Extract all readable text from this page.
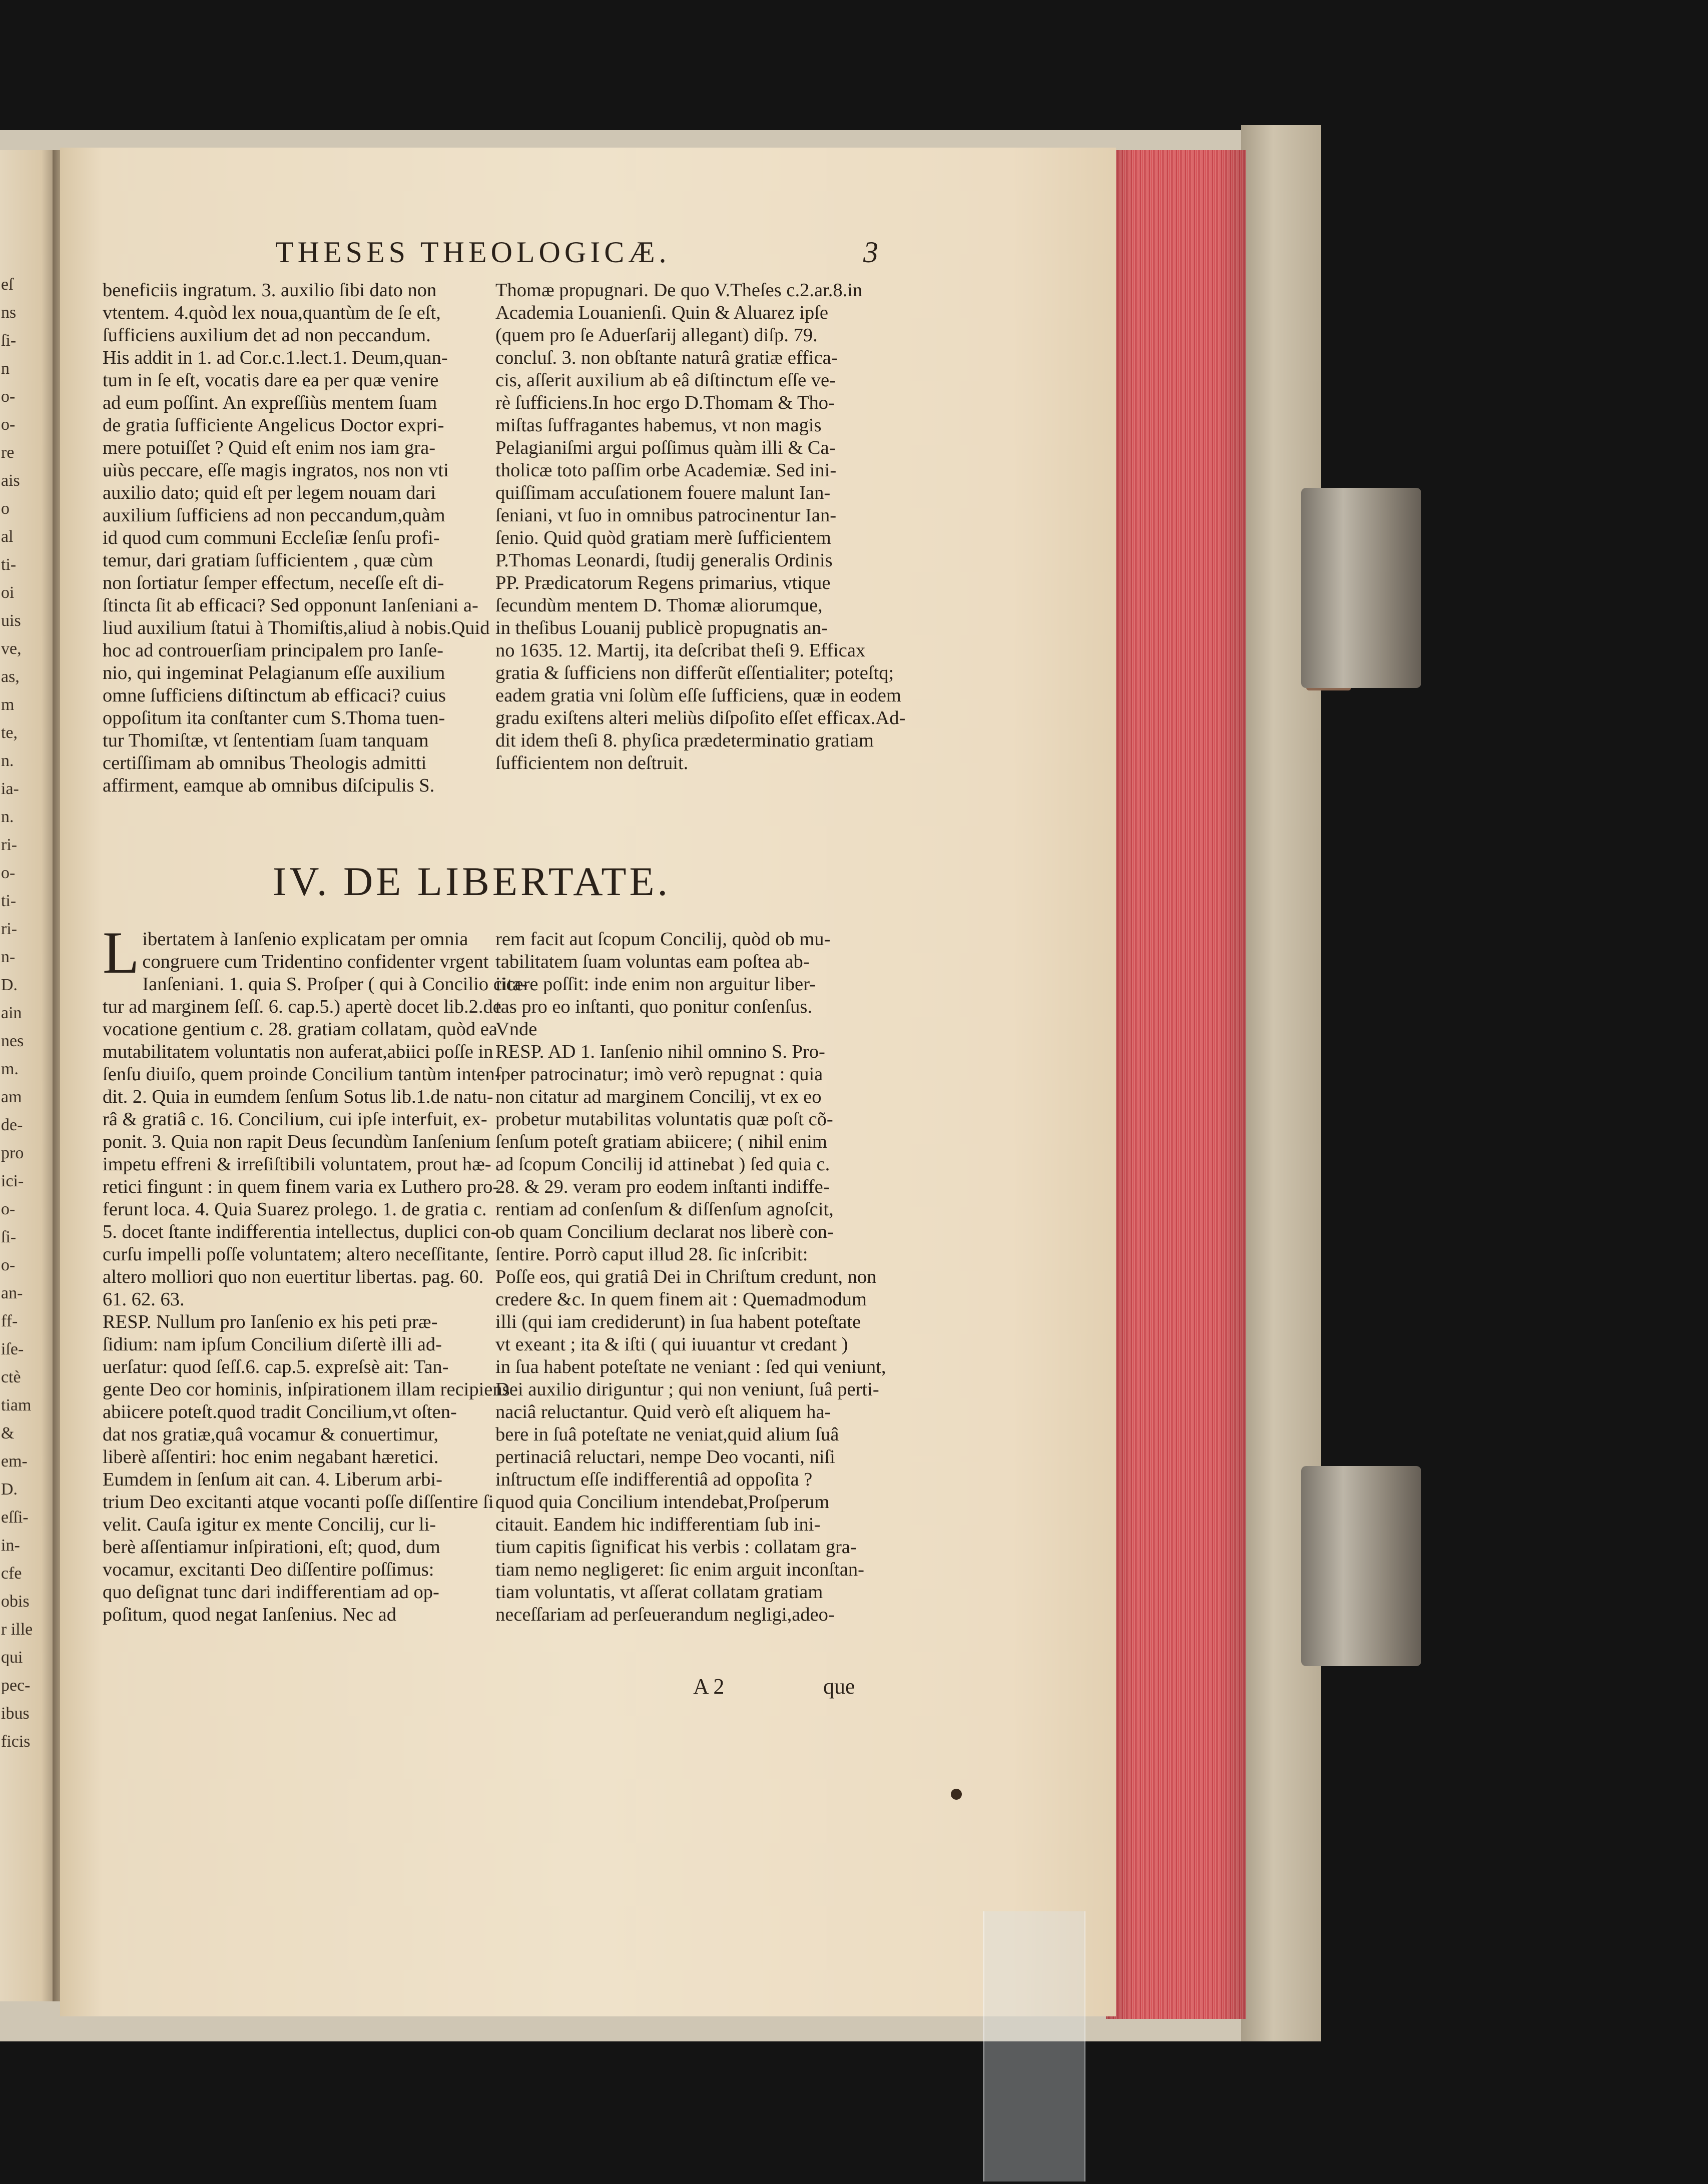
eſ
ns
ſi-
n
o-
o-
re
ais
o
al
ti-
oi
uis
ve,
as,
m
te,
n.
ia-
n.
ri-
o-
ti-
ri-
n-
D.
ain
nes
m.
am
de-
pro
ici-
o-
ſi-
o-
an-
ff-
iſe-
ctè
tiam
&
em-
D.
eſſi-
in-
cfe
obis
r ille
qui
pec-
ibus
ficis
THESES THEOLOGICÆ.	3

beneficiis ingratum. 3. auxilio ſibi dato non

vtentem. 4.quòd lex noua,quantùm de ſe eſt,

ſufficiens auxilium det ad non peccandum.

His addit in 1. ad Cor.c.1.lect.1. Deum,quan-

tum in ſe eſt, vocatis dare ea per quæ venire

ad eum poſſint. An expreſſiùs mentem ſuam

de gratia ſufficiente Angelicus Doctor expri-

mere potuiſſet ? Quid eſt enim nos iam gra-

uiùs peccare, eſſe magis ingratos, nos non vti

auxilio dato; quid eſt per legem nouam dari

auxilium ſufficiens ad non peccandum,quàm

id quod cum communi Eccleſiæ ſenſu profi-

temur, dari gratiam ſufficientem , quæ cùm

non ſortiatur ſemper effectum, neceſſe eſt di-

ſtincta ſit ab efficaci? Sed opponunt Ianſeniani a-

liud auxilium ſtatui à Thomiſtis,aliud à nobis.Quid

hoc ad controuerſiam principalem pro Ianſe-

nio, qui ingeminat Pelagianum eſſe auxilium

omne ſufficiens diſtinctum ab efficaci? cuius

oppoſitum ita conſtanter cum S.Thoma tuen-

tur Thomiſtæ, vt ſententiam ſuam tanquam

certiſſimam ab omnibus Theologis admitti

affirment, eamque ab omnibus diſcipulis S.

Thomæ propugnari. De quo V.Theſes c.2.ar.8.in

Academia Louanienſi. Quin & Aluarez ipſe

(quem pro ſe Aduerſarij allegant) diſp. 79.

concluſ. 3. non obſtante naturâ gratiæ effica-

cis, aſſerit auxilium ab eâ diſtinctum eſſe ve-

rè ſufficiens.In hoc ergo D.Thomam & Tho-

miſtas ſuffragantes habemus, vt non magis

Pelagianiſmi argui poſſimus quàm illi & Ca-

tholicæ toto paſſim orbe Academiæ. Sed ini-

quiſſimam accuſationem fouere malunt Ian-

ſeniani, vt ſuo in omnibus patrocinentur Ian-

ſenio. Quid quòd gratiam merè ſufficientem

P.Thomas Leonardi, ſtudij generalis Ordinis

PP. Prædicatorum Regens primarius, vtique

ſecundùm mentem D. Thomæ aliorumque,

in theſibus Louanij publicè propugnatis an-

no 1635. 12. Martij, ita deſcribat theſi 9. Efficax

gratia & ſufficiens non differũt eſſentialiter; poteſtq;

eadem gratia vni ſolùm eſſe ſufficiens, quæ in eodem

gradu exiſtens alteri meliùs diſpoſito eſſet efficax.Ad-

dit idem theſi 8. phyſica prædeterminatio gratiam

ſufficientem non deſtruit.

IV. DE LIBERTATE.
L ibertatem à Ianſenio explicatam per omnia

congruere cum Tridentino confidenter vrgent

Ianſeniani. 1. quia S. Proſper ( qui à Concilio cita-

tur ad marginem ſeſſ. 6. cap.5.) apertè docet lib.2.de

vocatione gentium c. 28. gratiam collatam, quòd ea

mutabilitatem voluntatis non auferat,abiici poſſe in

ſenſu diuiſo, quem proinde Concilium tantùm inten-

dit. 2. Quia in eumdem ſenſum Sotus lib.1.de natu-

râ & gratiâ c. 16. Concilium, cui ipſe interfuit, ex-

ponit. 3. Quia non rapit Deus ſecundùm Ianſenium

impetu effreni & irreſiſtibili voluntatem, prout hæ-

retici fingunt : in quem finem varia ex Luthero pro-

ferunt loca. 4. Quia Suarez prolego. 1. de gratia c.

5. docet ſtante indifferentia intellectus, duplici con-

curſu impelli poſſe voluntatem; altero neceſſitante,

altero molliori quo non euertitur libertas. pag. 60.

61. 62. 63.

RESP. Nullum pro Ianſenio ex his peti præ-

ſidium: nam ipſum Concilium diſertè illi ad-

uerſatur: quod ſeſſ.6. cap.5. expreſsè ait: Tan-

gente Deo cor hominis, inſpirationem illam recipiens

abiicere poteſt.quod tradit Concilium,vt oſten-

dat nos gratiæ,quâ vocamur & conuertimur,

liberè aſſentiri: hoc enim negabant hæretici.

Eumdem in ſenſum ait can. 4. Liberum arbi-

trium Deo excitanti atque vocanti poſſe diſſentire ſi

velit. Cauſa igitur ex mente Concilij, cur li-

berè aſſentiamur inſpirationi, eſt; quod, dum

vocamur, excitanti Deo diſſentire poſſimus:

quo deſignat tunc dari indifferentiam ad op-

poſitum, quod negat Ianſenius. Nec ad

rem facit aut ſcopum Concilij, quòd ob mu-

tabilitatem ſuam voluntas eam poſtea ab-

iicere poſſit: inde enim non arguitur liber-

tas pro eo inſtanti, quo ponitur conſenſus.

Vnde

RESP. AD 1. Ianſenio nihil omnino S. Pro-

ſper patrocinatur; imò verò repugnat : quia

non citatur ad marginem Concilij, vt ex eo

probetur mutabilitas voluntatis quæ poſt cõ-

ſenſum poteſt gratiam abiicere; ( nihil enim

ad ſcopum Concilij id attinebat ) ſed quia c.

28. & 29. veram pro eodem inſtanti indiffe-

rentiam ad conſenſum & diſſenſum agnoſcit,

ob quam Concilium declarat nos liberè con-

ſentire. Porrò caput illud 28. ſic inſcribit:

Poſſe eos, qui gratiâ Dei in Chriſtum credunt, non

credere &c. In quem finem ait : Quemadmodum

illi (qui iam crediderunt) in ſua habent poteſtate

vt exeant ; ita & iſti ( qui iuuantur vt credant )

in ſua habent poteſtate ne veniant : ſed qui veniunt,

Dei auxilio diriguntur ; qui non veniunt, ſuâ perti-

naciâ reluctantur. Quid verò eſt aliquem ha-

bere in ſuâ poteſtate ne veniat,quid alium ſuâ

pertinaciâ reluctari, nempe Deo vocanti, niſi

inſtructum eſſe indifferentiâ ad oppoſita ?

quod quia Concilium intendebat,Proſperum

citauit. Eandem hic indifferentiam ſub ini-

tium capitis ſignificat his verbis : collatam gra-

tiam nemo negligeret: ſic enim arguit inconſtan-

tiam voluntatis, vt aſſerat collatam gratiam

neceſſariam ad perſeuerandum negligi,adeo-

A 2	que
